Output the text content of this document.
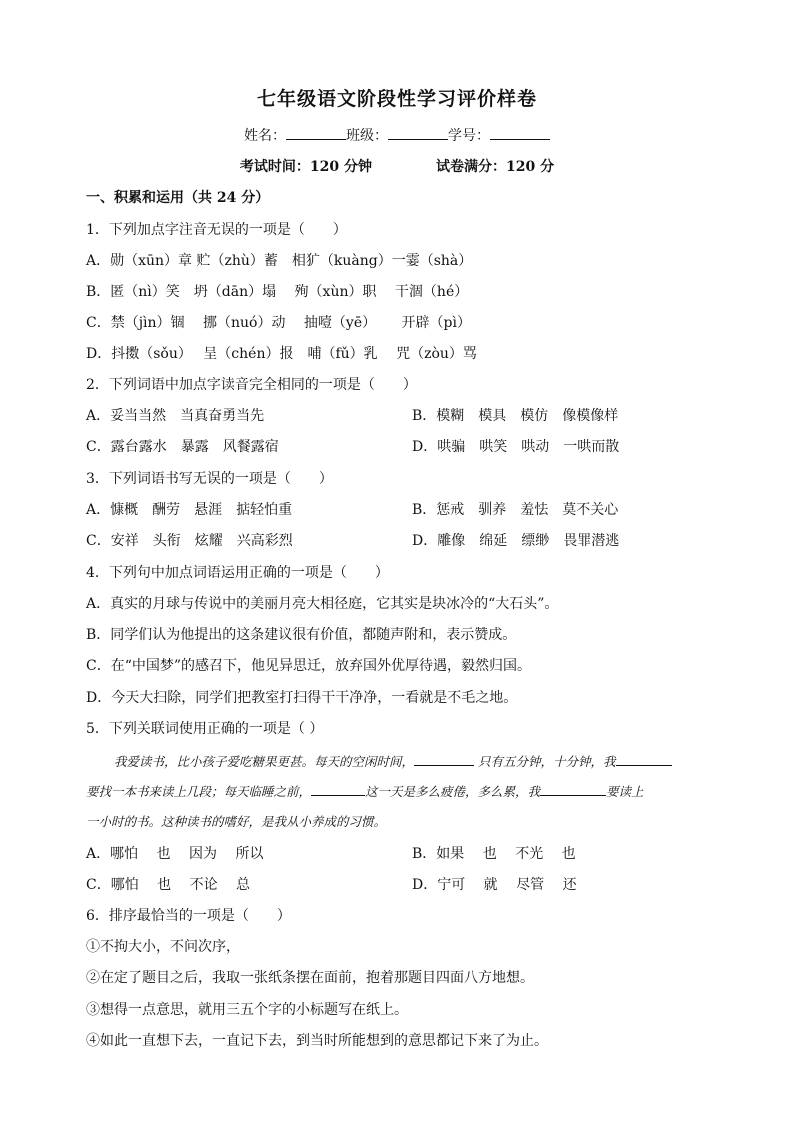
七年级语文阶段性学习评价样卷
姓名：	班级：	学号：
考试时间：120 分钟	试卷满分：120 分
一、积累和运用（共 24 分）
1．下列加点字注音无误的一项是（　　）
A．勋（xūn）章 贮（zhù）蓄　相犷（kuàng）一霎（shà）
B．匿（nì）笑　坍（dān）塌　 殉（xùn）职　 干涸（hé）
C．禁（jìn）锢　 挪（nuó）动　 抽噎（yē）　　 开辟（pì）
D．抖擞（sǒu）　 呈（chén）报　哺（fǔ）乳　 咒（zòu）骂
2．下列词语中加点字读音完全相同的一项是（　　）
A．妥当当然　当真奋勇当先	B．模糊　模具　模仿　像模像样
C．露台露水　暴露　风餐露宿	D．哄骗　哄笑　哄动　一哄而散
3．下列词语书写无误的一项是（　　）
A．慷概　酬劳　悬涯　掂轻怕重	B．惩戒　驯养　羞怯　莫不关心
C．安祥　头衔　炫耀　兴高彩烈	D．雕像　绵延　缥缈　畏罪潜逃
4．下列句中加点词语运用正确的一项是（　　）
A．真实的月球与传说中的美丽月亮大相径庭，它其实是块冰冷的“大石头”。
B．同学们认为他提出的这条建议很有价值，都随声附和，表示赞成。
C．在“中国梦”的感召下，他见异思迁，放弃国外优厚待遇，毅然归国。
D．今天大扫除，同学们把教室打扫得干干净净，一看就是不毛之地。
5．下列关联词使用正确的一项是（ ）
我爱读书，比小孩子爱吃糖果更甚。每天的空闲时间，	只有五分钟，十分钟，我
要找一本书来读上几段；每天临睡之前，	这一天是多么疲倦，多么累，我	要读上
一小时的书。这种读书的嗜好，是我从小养成的习惯。
A．哪怕　 也　 因为　 所以	B．如果　 也　 不光　 也
C．哪怕　 也　 不论　 总	D．宁可　 就　 尽管　 还
6．排序最恰当的一项是（　　）
①不拘大小，不问次序，
②在定了题目之后，我取一张纸条摆在面前，抱着那题目四面八方地想。
③想得一点意思，就用三五个字的小标题写在纸上。
④如此一直想下去，一直记下去，到当时所能想到的意思都记下来了为止。
